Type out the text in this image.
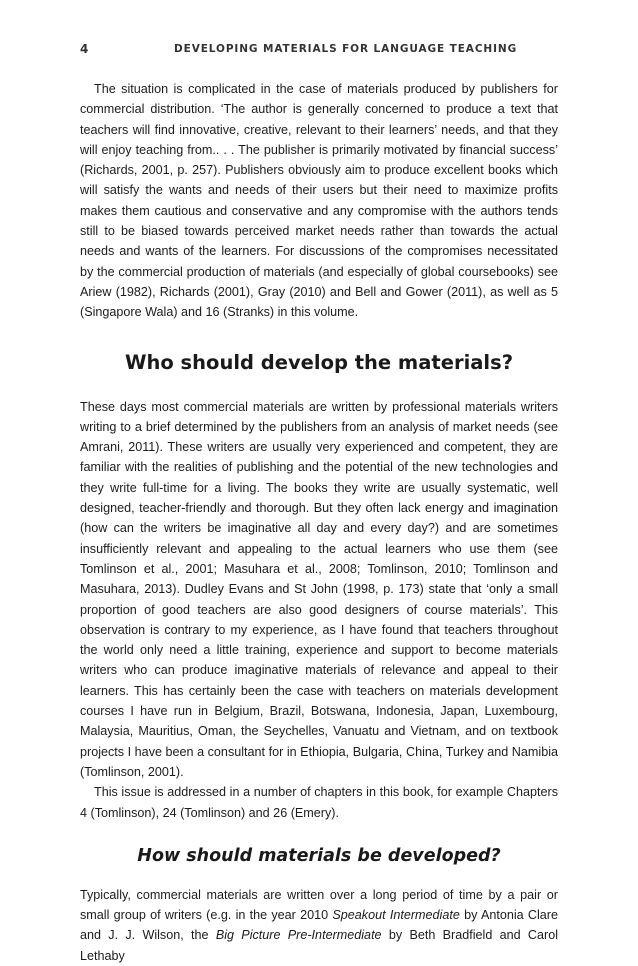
4	DEVELOPING MATERIALS FOR LANGUAGE TEACHING

The situation is complicated in the case of materials produced by publishers for commercial distribution. ‘The author is generally concerned to produce a text that teachers will find innovative, creative, relevant to their learners’ needs, and that they will enjoy teaching from.. . . The publisher is primarily motivated by financial success’ (Richards, 2001, p. 257). Publishers obviously aim to produce excellent books which will satisfy the wants and needs of their users but their need to maximize profits makes them cautious and conservative and any compromise with the authors tends still to be biased towards perceived market needs rather than towards the actual needs and wants of the learners. For discussions of the compromises necessitated by the commercial production of materials (and especially of global coursebooks) see Ariew (1982), Richards (2001), Gray (2010) and Bell and Gower (2011), as well as 5 (Singapore Wala) and 16 (Stranks) in this volume.

Who should develop the materials?

These days most commercial materials are written by professional materials writers writing to a brief determined by the publishers from an analysis of market needs (see Amrani, 2011). These writers are usually very experienced and competent, they are familiar with the realities of publishing and the potential of the new technologies and they write full-time for a living. The books they write are usually systematic, well designed, teacher-friendly and thorough. But they often lack energy and imagination (how can the writers be imaginative all day and every day?) and are sometimes insufficiently relevant and appealing to the actual learners who use them (see Tomlinson et al., 2001; Masuhara et al., 2008; Tomlinson, 2010; Tomlinson and Masuhara, 2013). Dudley Evans and St John (1998, p. 173) state that ‘only a small proportion of good teachers are also good designers of course materials’. This observation is contrary to my experience, as I have found that teachers throughout the world only need a little training, experience and support to become materials writers who can produce imaginative materials of relevance and appeal to their learners. This has certainly been the case with teachers on materials development courses I have run in Belgium, Brazil, Botswana, Indonesia, Japan, Luxembourg, Malaysia, Mauritius, Oman, the Seychelles, Vanuatu and Vietnam, and on textbook projects I have been a consultant for in Ethiopia, Bulgaria, China, Turkey and Namibia (Tomlinson, 2001).

This issue is addressed in a number of chapters in this book, for example Chapters 4 (Tomlinson), 24 (Tomlinson) and 26 (Emery).

How should materials be developed?

Typically, commercial materials are written over a long period of time by a pair or small group of writers (e.g. in the year 2010 Speakout Intermediate by Antonia Clare and J. J. Wilson, the Big Picture Pre-Intermediate by Beth Bradfield and Carol Lethaby
